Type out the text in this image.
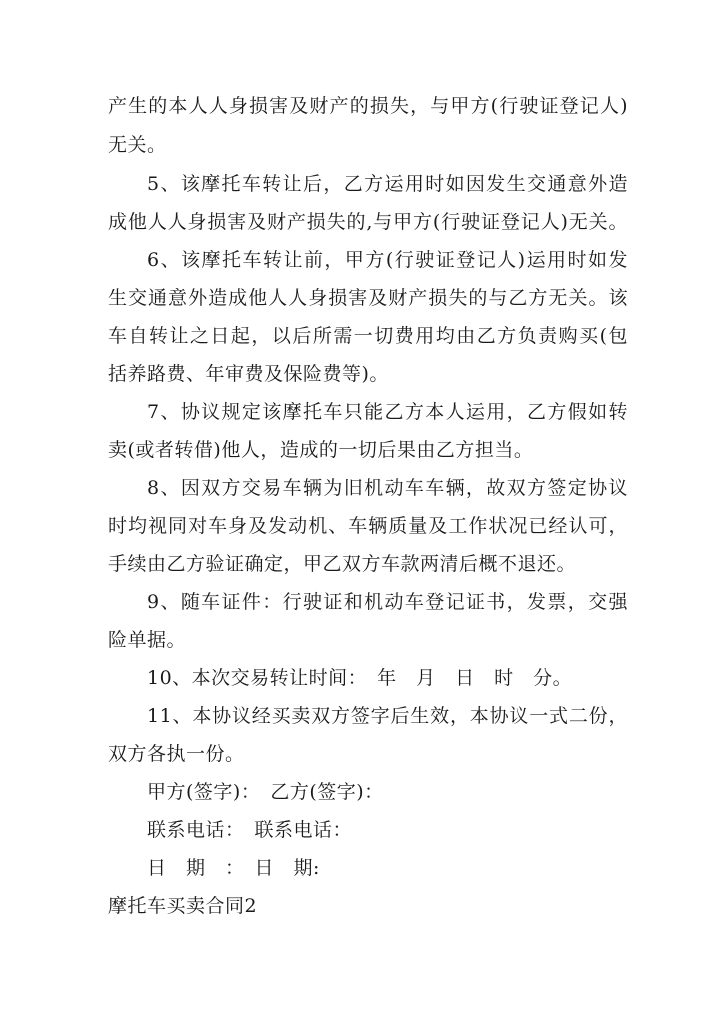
产生的本人人身损害及财产的损失，与甲方(行驶证登记人)
无关。
5、该摩托车转让后，乙方运用时如因发生交通意外造
成他人人身损害及财产损失的,与甲方(行驶证登记人)无关。
6、该摩托车转让前，甲方(行驶证登记人)运用时如发
生交通意外造成他人人身损害及财产损失的与乙方无关。该
车自转让之日起，以后所需一切费用均由乙方负责购买(包
括养路费、年审费及保险费等)。
7、协议规定该摩托车只能乙方本人运用，乙方假如转
卖(或者转借)他人，造成的一切后果由乙方担当。
8、因双方交易车辆为旧机动车车辆，故双方签定协议
时均视同对车身及发动机、车辆质量及工作状况已经认可，
手续由乙方验证确定，甲乙双方车款两清后概不退还。
9、随车证件：行驶证和机动车登记证书，发票，交强
险单据。
10、本次交易转让时间：　年　月　日　时　分。
11、本协议经买卖双方签字后生效，本协议一式二份，
双方各执一份。
甲方(签字)：　乙方(签字)：
联系电话：　联系电话：
日　期　：　日　期:
摩托车买卖合同2
